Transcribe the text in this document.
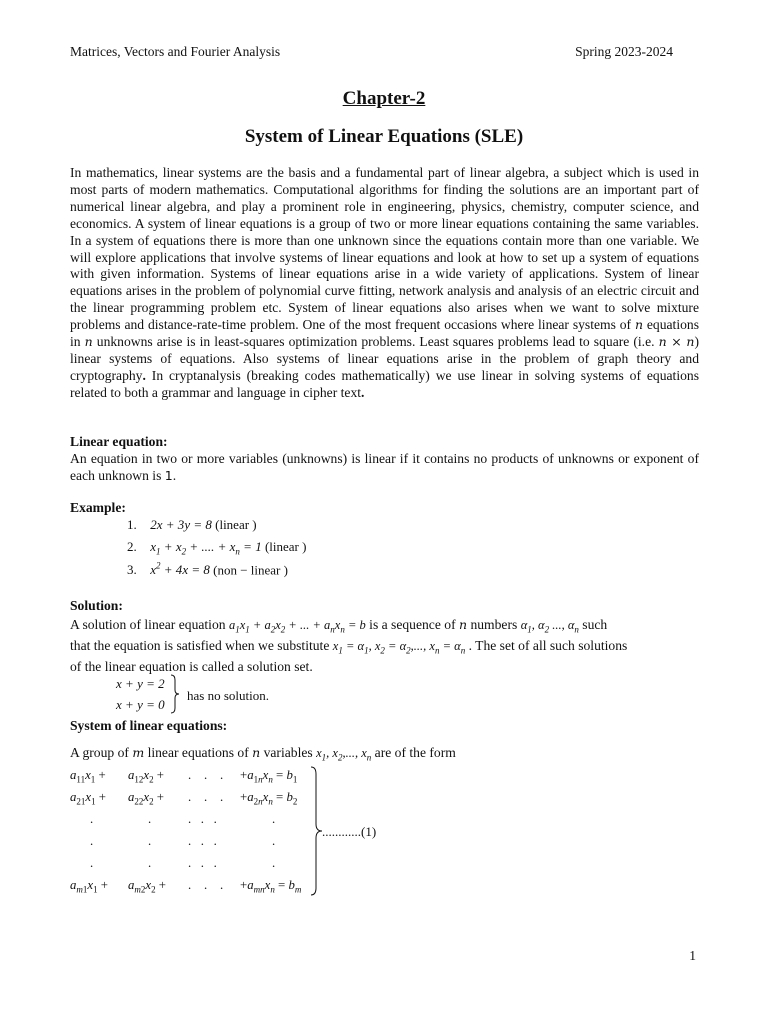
Matrices, Vectors and Fourier Analysis	Spring 2023-2024
Chapter-2
System of Linear Equations (SLE)

In mathematics, linear systems are the basis and a fundamental part of linear algebra, a subject which is used in most parts of modern mathematics. Computational algorithms for finding the solutions are an important part of numerical linear algebra, and play a prominent role in engineering, physics, chemistry, computer science, and economics. A system of linear equations is a group of two or more linear equations containing the same variables. In a system of equations there is more than one unknown since the equations contain more than one variable. We will explore applications that involve systems of linear equations and look at how to set up a system of equations with given information. Systems of linear equations arise in a wide variety of applications. System of linear equations arises in the problem of polynomial curve fitting, network analysis and analysis of an electric circuit and the linear programming problem etc. System of linear equations also arises when we want to solve mixture problems and distance-rate-time problem. One of the most frequent occasions where linear systems of n equations in n unknowns arise is in least-squares optimization problems. Least squares problems lead to square (i.e. n × n) linear systems of equations. Also systems of linear equations arise in the problem of graph theory and cryptography. In cryptanalysis (breaking codes mathematically) we use linear in solving systems of equations related to both a grammar and language in cipher text.

Linear equation:

An equation in two or more variables (unknowns) is linear if it contains no products of unknowns or exponent of each unknown is 1.

Example:
1. 2x + 3y = 8 (linear )
2. $x_1 + x_2$ + .... + $x_n = 1$ (linear )
3. $x^2 + 4x = 8$ (non − linear )
Solution:
A solution of linear equation $a_1x_1 + a_2x_2$ + ... + $a_nx_n = b$ is a sequence of n numbers $\alpha_1$, $\alpha_2$ ..., $\alpha_n$ such
that the equation is satisfied when we substitute $x_1 = \alpha_1$, $x_2 = \alpha_2$,..., $x_n = \alpha_n$ . The set of all such solutions
of the linear equation is called a solution set.
x + y = 2
x + y = 0
has no solution.
System of linear equations:
A group of m linear equations of n variables $x_1$, $x_2$,..., $x_n$ are of the form
$a_{11}x_1 + a_{12}x_2$ + .    .    . $+a_{1n}x_n = b_1$
$a_{21}x_1 + a_{22}x_2$ + .    .    . $+a_{2n}x_n = b_2$
.	.	.   .   .	.
.	.	.   .   .	.
.	.	.   .   .	.
$a_{m1}x_1 + a_{m2}x_2$ + .    .    . $+a_{mn}x_n = b_m$
............(1)
1
